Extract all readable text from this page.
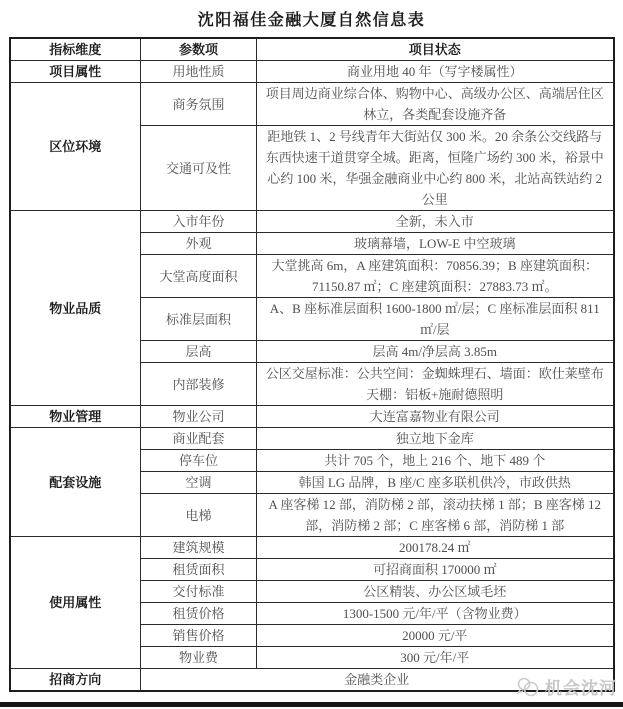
沈阳福佳金融大厦自然信息表
指标维度	参数项	项目状态
项目属性	用地性质	商业用地 40 年（写字楼属性）
区位环境	商务氛围	项目周边商业综合体、购物中心、高级办公区、高端居住区林立，各类配套设施齐备
	交通可及性	距地铁 1、2 号线青年大街站仅 300 米。20 余条公交线路与东西快速干道贯穿全城。距离，恒隆广场约 300 米，裕景中心约 100 米，华强金融商业中心约 800 米，北站高铁站约 2 公里
物业品质	入市年份	全新，未入市
	外观	玻璃幕墙，LOW-E 中空玻璃
	大堂高度面积	大堂挑高 6m，A 座建筑面积：70856.39；B 座建筑面积：71150.87 ㎡；C 座建筑面积：27883.73 ㎡。
	标准层面积	A、B 座标准层面积 1600-1800 ㎡/层；C 座标准层面积 811 ㎡/层
	层高	层高 4m/净层高 3.85m
	内部装修	公区交屋标准：公共空间：金蜘蛛理石、墙面：欧仕莱壁布 天棚：铝板+施耐德照明
物业管理	物业公司	大连富嘉物业有限公司
配套设施	商业配套	独立地下金库
	停车位	共计 705 个，地上 216 个、地下 489 个
	空调	韩国 LG 品牌，B 座/C 座多联机供冷，市政供热
	电梯	A 座客梯 12 部，消防梯 2 部，滚动扶梯 1 部；B 座客梯 12 部，消防梯 2 部；C 座客梯 6 部，消防梯 1 部
使用属性	建筑规模	200178.24 ㎡
	租赁面积	可招商面积 170000 ㎡
	交付标准	公区精装、办公区域毛坯
	租赁价格	1300-1500 元/年/平（含物业费）
	销售价格	20000 元/平
	物业费	300 元/年/平
招商方向	金融类企业		机会沈河
